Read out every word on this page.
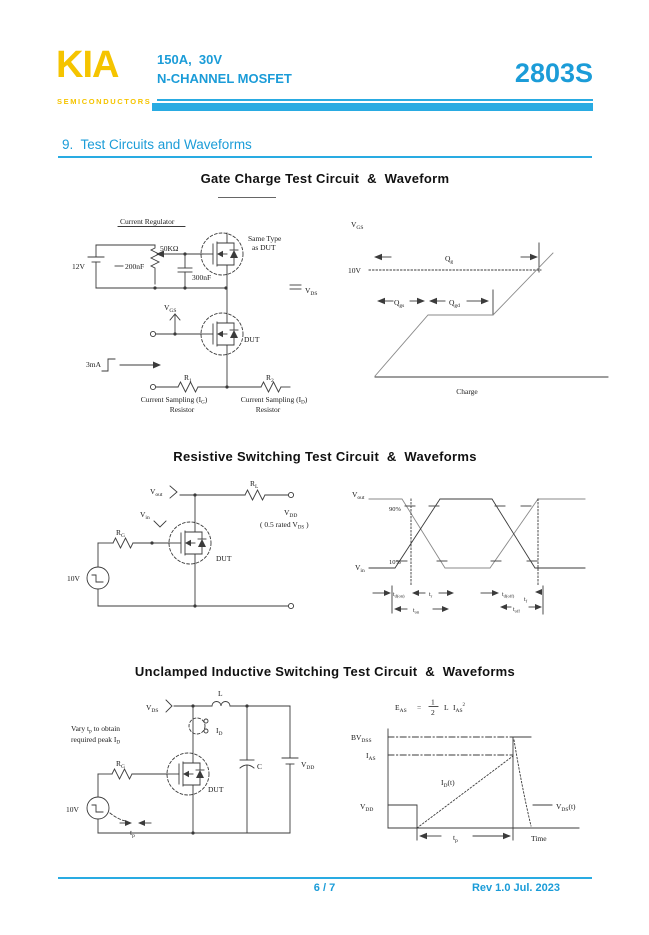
KIA
SEMICONDUCTORS
150A,  30V
N-CHANNEL MOSFET	2803S
9.  Test Circuits and Waveforms
Gate Charge Test Circuit  &  Waveform
Current Regulator
12V
50KΩ
200nF
300nF
Same Type
as DUT
$V_{DS}$
DUT
$V_{GS}$
3mA
$R_1$	$R_2$
Current Sampling $(I_G)$
Resistor
Current Sampling $(I_D)$
Resistor
$V_{GS}$
10V
$Q_g$
$Q_{gs}$	$Q_{gd}$
Charge
Resistive Switching Test Circuit  &  Waveforms
$V_{out}$
$V_{in}$
$R_L$
$V_{DD}$
( 0.5 rated $V_{DS}$ )
DUT
$R_G$
10V
$V_{out}$
$V_{in}$
90%
10%
$t_{d(on)}$	$t_r$
$t_{on}$
$t_{d(off)}$
$t_f$
$t_{off}$
Unclamped Inductive Switching Test Circuit  &  Waveforms
$V_{DS}$
L
$I_D$
Vary $t_p$ to obtain
required peak $I_D$
DUT
$R_G$
10V
$t_p$
C	$V_{DD}$
$E_{AS}$ =
1
2
L $I_{AS}^2$
$BV_{DSS}$
$I_{AS}$
$I_D(t)$
$V_{DD}$	$V_{DS}(t)$
$t_p$	Time
6 / 7	Rev 1.0 Jul. 2023
